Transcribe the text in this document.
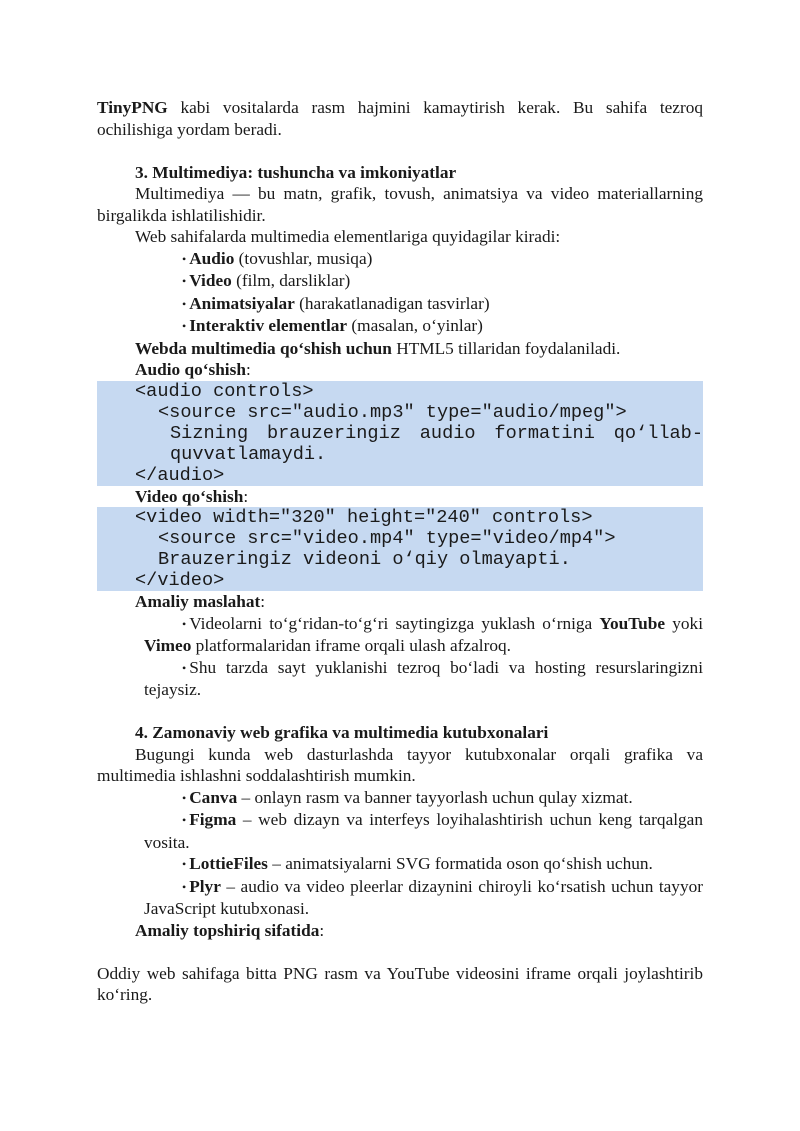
TinyPNG kabi vositalarda rasm hajmini kamaytirish kerak. Bu sahifa tezroq ochilishiga yordam beradi.

3. Multimediya: tushuncha va imkoniyatlar

Multimediya — bu matn, grafik, tovush, animatsiya va video materiallarning birgalikda ishlatilishidir.

Web sahifalarda multimedia elementlariga quyidagilar kiradi:

• Audio (tovushlar, musiqa)

• Video (film, darsliklar)

• Animatsiyalar (harakatlanadigan tasvirlar)

• Interaktiv elementlar (masalan, o‘yinlar)

Webda multimedia qo‘shish uchun HTML5 tillaridan foydalaniladi.

Audio qo‘shish:

<audio controls>

<source src="audio.mp3" type="audio/mpeg">

Sizning brauzeringiz audio formatini qo‘llab-quvvatlamaydi.

</audio>

Video qo‘shish:

<video width="320" height="240" controls>

<source src="video.mp4" type="video/mp4">

Brauzeringiz videoni o‘qiy olmayapti.

</video>

Amaliy maslahat:

• Videolarni to‘g‘ridan-to‘g‘ri saytingizga yuklash o‘rniga YouTube yoki Vimeo platformalaridan iframe orqali ulash afzalroq.

• Shu tarzda sayt yuklanishi tezroq bo‘ladi va hosting resurslaringizni tejaysiz.

4. Zamonaviy web grafika va multimedia kutubxonalari

Bugungi kunda web dasturlashda tayyor kutubxonalar orqali grafika va multimedia ishlashni soddalashtirish mumkin.

• Canva – onlayn rasm va banner tayyorlash uchun qulay xizmat.

• Figma – web dizayn va interfeys loyihalashtirish uchun keng tarqalgan vosita.

• LottieFiles – animatsiyalarni SVG formatida oson qo‘shish uchun.

• Plyr – audio va video pleerlar dizaynini chiroyli ko‘rsatish uchun tayyor JavaScript kutubxonasi.

Amaliy topshiriq sifatida:

Oddiy web sahifaga bitta PNG rasm va YouTube videosini iframe orqali joylashtirib ko‘ring.
